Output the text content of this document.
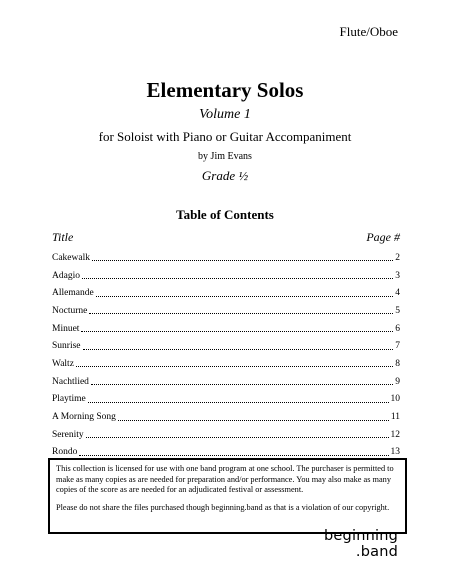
Flute/Oboe
Elementary Solos
Volume 1
for Soloist with Piano or Guitar Accompaniment
by Jim Evans
Grade ½
Table of Contents
Title	Page #
Cakewalk	2
Adagio	3
Allemande	4
Nocturne	5
Minuet	6
Sunrise	7
Waltz	8
Nachtlied	9
Playtime	10
A Morning Song	11
Serenity	12
Rondo	13

This collection is licensed for use with one band program at one school. The purchaser is permitted to make as many copies as are needed for preparation and/or performance. You may also make as many copies of the score as are needed for an adjudicated festival or assessment.

Please do not share the files purchased though beginning.band as that is a violation of our copyright.

beginning
.band
